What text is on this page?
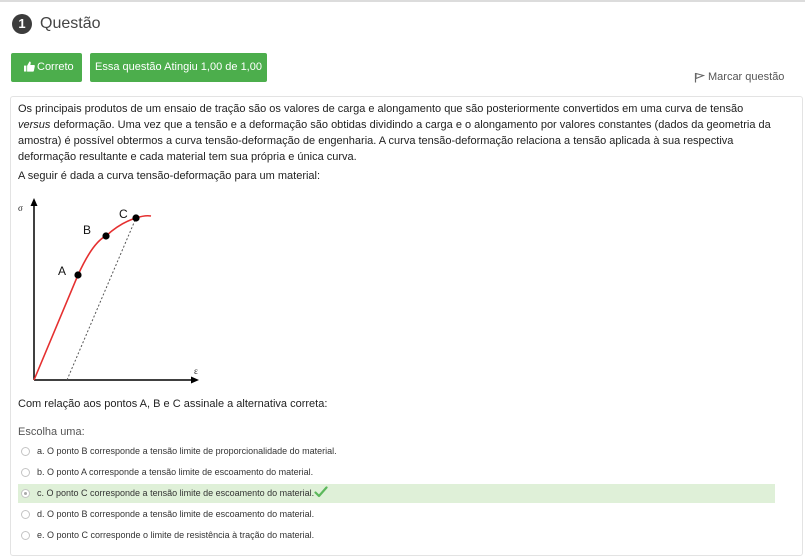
1 Questão
Correto	Essa questão Atingiu 1,00 de 1,00
Marcar questão

Os principais produtos de um ensaio de tração são os valores de carga e alongamento que são posteriormente convertidos em uma curva de tensão versus deformação. Uma vez que a tensão e a deformação são obtidas dividindo a carga e o alongamento por valores constantes (dados da geometria da amostra) é possível obtermos a curva tensão-deformação de engenharia. A curva tensão-deformação relaciona a tensão aplicada à sua respectiva deformação resultante e cada material tem sua própria e única curva.

A seguir é dada a curva tensão-deformação para um material:

σ
ε
A
B
C

Com relação aos pontos A, B e C assinale a alternativa correta:

Escolha uma:

a. O ponto B corresponde a tensão limite de proporcionalidade do material.
b. O ponto A corresponde a tensão limite de escoamento do material.
c. O ponto C corresponde a tensão limite de escoamento do material.
d. O ponto B corresponde a tensão limite de escoamento do material.
e. O ponto C corresponde o limite de resistência à tração do material.
